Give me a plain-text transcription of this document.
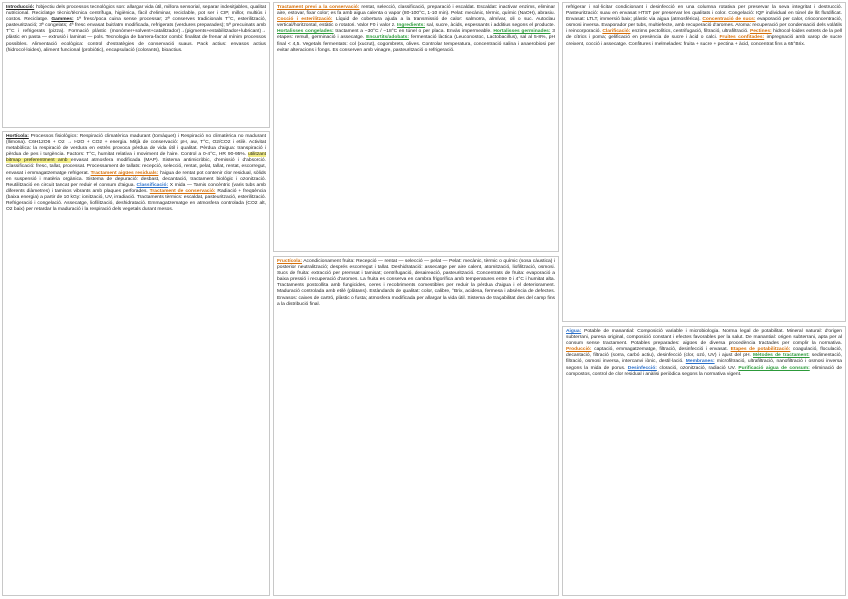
Introducció: l'objectiu dels processos tecnològics son: allargar vida útil, millora sensorial, separar indesitjables, qualitat nutricional. Reciclatge tècnic/tècnica centrífuga, higiènica, fàcil d'eliminar, reciclable, pot ser i CIP, millor, multiús i costos. Reciclatge. Gammes: 1ª fresc/poca cuina sense processar; 2ª conserves tradicionals T°C, esterilització, pasteurització; 3ª congelats; 4ª fresc envasat buit/atm modificada, refrigerats (verdures preparades); 5ª precuinats amb T°C i refrigerats (pizza). Formació plàstic (monòmer+solvent+catalitzador)→(pigments+estabilitzador+lubricant)→ plàstic en pasta — extrusió i laminat — pols. Tecnologia de barrera-factor combi: finalitat de frenar al mínim processos possibles. Alimentació ecològica: control d'estratègies de conservació suaus. Pack actius: envasos actius (hidrocol·loides), aliment funcional (probiòtic), encapsulació (colorants), bioactius.
Hortícola: Processos fisiològics: Respiració climatèrica madurant (tomàquet) i Respiració no climatèrica no madurant (llimona). C6H12O6 + O2 → H2O + CO2 + energia. Mitjà de conservació: pH, aw, T°C, O2/CO2 i etilè. Activitat metabòlica: la respiració de verdura en estrès provoca pèrdua de vida útil i qualitat. Pèrdua d'aigua: transpiració i pèrdua de pes i turgència. Factors: T°C, humitat relativa i moviment de l'aire. Control a 0-4°C, HR 90-95%. utilitzant bitmap preferentment amb envasat atmosfera modificada (MAP). Sistema antimicròbic, d'emissió i d'absorció. Classificació: fresc, tallat, processat. Processament de tallats: recepció, selecció, rentat, pelat, tallat, rentat, escorregut, envasat i emmagatzematge refrigerat. Tractament aigües residuals: l'aigua de rentat pot contenir clor residual, sòlids en suspensió i matèria orgànica. Sistema de depuració: desbast, decantació, tractament biològic i ozonització. Reutilització en circuit tancat per reduir el consum d'aigua. Classificació: X mida — Tamis concèntric (varis tubs amb diferents diàmetres) i tamisos vibrants amb plaques perforades. Tractament de conservació: Radiació + freqüència (baixa energia) a partir de 10 kGy: ionització, UV, irradiació. Tractaments tèrmics: escaldat, pasteurització, esterilització. Refrigeració i congelació. Assecatge, liofilització, deshidratació. Emmagatzematge en atmosfera controlada (CO2 alt, O2 baix) per retardar la maduració i la respiració dels vegetals durant mesos.
Tractament previ a la conservació: rentat, selecció, classificació, preparació i escaldat. Escaldat: inactivar enzims, eliminar aire, estovar, fixar color; es fa amb aigua calenta o vapor (80-100°C, 1-10 min). Pelat: mecànic, tèrmic, químic (NaOH), abrasiu. Cocció i esterilització: Líquid de cobertura ajuda a la transmissió de calor: salmorra, almívar, oli o suc. Autoclau vertical/horitzontal, estàtic o rotatori. Valor F0 i valor z. Ingredients: sal, sucre, àcids, espessants i additius segons el producte. Hortalisses congelades: tractament a −30°C / −18°C en túnel o per placa. Envàs impermeable. Hortalisses germinades: 3 etapes: remull, germinació i assecatge. Encurtits/adobats: fermentació làctica (Leuconostoc, Lactobacillus), sal al 5-8%, pH final < 4,5. Vegetals fermentats: col (xucrut), cogombrets, olives. Controlar temperatura, concentració salina i anaerobiosi per evitar alteracions i fongs. Es conserven amb vinagre, pasteurització o refrigeració.
refrigerar i sol·licitar condicionant i desinfecció en una columna rotativa per preservar la seva integritat i destrucció. Pasteurització: suau en envasat HTST per preservar les qualitats i color. Congelació: IQF individual en túnel de llit fluïdificat. Envasat: LTLT, immersió baix; plàstic via aigua (atmosfèrica). Concentració de sucs: evaporació per calor, crioconcentració, osmosi inversa. Evaporador per tubs, multiefecte, amb recuperació d'aromes. Aroma: recuperació per condensació dels volàtils i reincorporació. Clarificació: enzims pectolítics, centrifugació, filtració, ultrafiltració. Pectines: hidrocol·loides extrets de la pell de cítrics i poma; gelificació en presència de sucre i àcid o calci. Fruites confitades: impregnació amb xarop de sucre creixent, cocció i assecatge. Confitures i melmelades: fruita + sucre + pectina + àcid, concentrat fins a 65°Brix.
Fructícola: Acondicionament fruita: Recepció — rentat — selecció — pelat — Pelat: mecànic, tèrmic o químic (sosa càustica) i posterior neutralització; després escorregut i tallat. Deshidratació: assecatge per aire calent, atomització, liofilització, osmosi. Sucs de fruita: extracció per premsat i tamisat; centrifugació, desaireació, pasteurització. Concentrats de fruita: evaporació a baixa pressió i recuperació d'aromes. La fruita es conserva en cambra frigorífica amb temperatures entre 0 i 4°C i humitat alta. Tractaments postcollita amb fungicides, ceres i recobriments comestibles per reduir la pèrdua d'aigua i el deteriorament. Maduració controlada amb etilè (plàtans). Estàndards de qualitat: color, calibre, °Brix, acidesa, fermesa i absència de defectes. Envasos: caixes de cartró, plàstic o fusta; atmosfera modificada per allargar la vida útil. Sistema de traçabilitat des del camp fins a la distribució final.
Aigua: Potable de manantial: Composició variable i microbiologia. Norma legal de potabilitat. Mineral natural: d'origen subterrani, puresa original, composició constant i efectes favorables per la salut. De manantial: origen subterrani, apta per al consum sense tractament. Potables preparades: aigües de diversa procedència tractades per complir la normativa. Producció: captació, emmagatzematge, filtració, desinfecció i envasat. Etapes de potabilització: coagulació, floculació, decantació, filtració (sorra, carbó actiu), desinfecció (clor, ozó, UV) i ajust del pH. Mètodes de tractament: sedimentació, filtració, osmosi inversa, intercanvi iònic, destil·lació. Membranes: microfiltració, ultrafiltració, nanofiltració i osmosi inversa segons la mida de porus. Desinfecció: cloració, ozonització, radiació UV. Purificació aigua de consum: eliminació de compostos, control de clor residual i anàlisi periòdica segons la normativa vigent.
